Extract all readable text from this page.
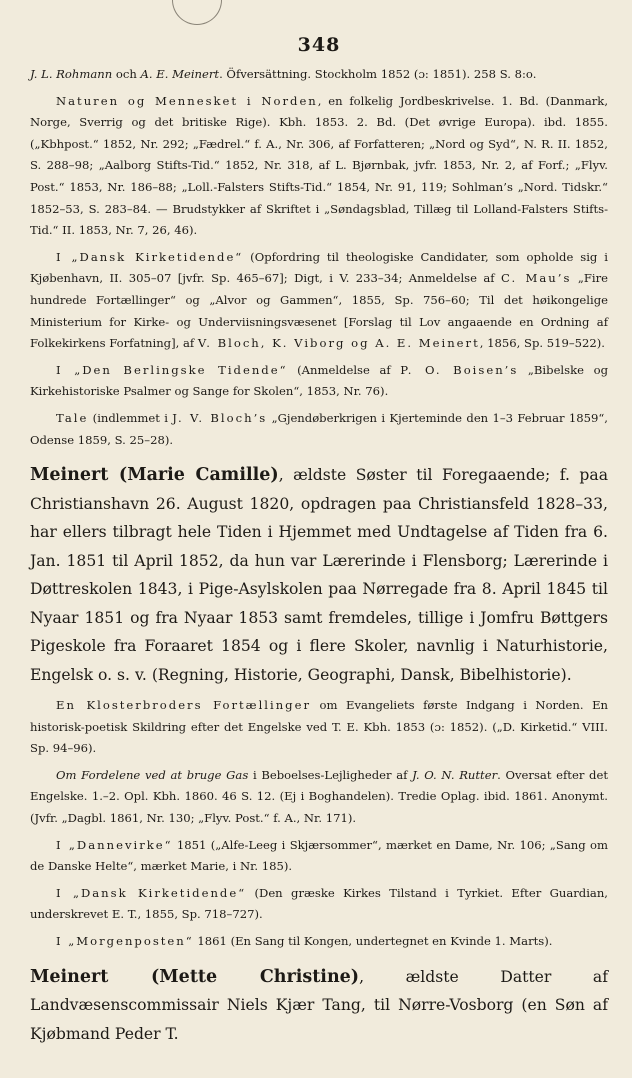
348

J. L. Rohmann och A. E. Meinert. Öfversättning. Stockholm 1852 (ɔ: 1851). 258 S. 8:o.

Naturen og Mennesket i Norden, en folkelig Jordbeskrivelse. 1. Bd. (Danmark, Norge, Sverrig og det britiske Rige). Kbh. 1853. 2. Bd. (Det øvrige Europa). ibd. 1855. („Kbhpost.“ 1852, Nr. 292; „Fædrel.“ f. A., Nr. 306, af Forfatteren; „Nord og Syd“, N. R. II. 1852, S. 288–98; „Aalborg Stifts-Tid.“ 1852, Nr. 318, af L. Bjørnbak, jvfr. 1853, Nr. 2, af Forf.; „Flyv. Post.“ 1853, Nr. 186–88; „Loll.-Falsters Stifts-Tid.“ 1854, Nr. 91, 119; Sohlman’s „Nord. Tidskr.“ 1852–53, S. 283–84. — Brudstykker af Skriftet i „Søndagsblad, Tillæg til Lolland-Falsters Stifts-Tid.“ II. 1853, Nr. 7, 26, 46).

I „Dansk Kirketidende“ (Opfordring til theologiske Candidater, som opholde sig i Kjøbenhavn, II. 305–07 [jvfr. Sp. 465–67]; Digt, i V. 233–34; Anmeldelse af C. Mau’s „Fire hundrede Fortællinger“ og „Alvor og Gammen“, 1855, Sp. 756–60; Til det høikongelige Ministerium for Kirke- og Underviisningsvæsenet [Forslag til Lov angaaende en Ordning af Folkekirkens Forfatning], af V. Bloch, K. Viborg og A. E. Meinert, 1856, Sp. 519–522).

I „Den Berlingske Tidende“ (Anmeldelse af P. O. Boisen’s „Bibelske og Kirkehistoriske Psalmer og Sange for Skolen“, 1853, Nr. 76).

Tale (indlemmet i J. V. Bloch’s „Gjendøberkrigen i Kjerteminde den 1–3 Februar 1859“, Odense 1859, S. 25–28).

Meinert (Marie Camille), ældste Søster til Foregaaende; f. paa Christianshavn 26. August 1820, opdragen paa Christiansfeld 1828–33, har ellers tilbragt hele Tiden i Hjemmet med Undtagelse af Tiden fra 6. Jan. 1851 til April 1852, da hun var Lærerinde i Flensborg; Lærerinde i Døttreskolen 1843, i Pige-Asylskolen paa Nørregade fra 8. April 1845 til Nyaar 1851 og fra Nyaar 1853 samt fremdeles, tillige i Jomfru Bøttgers Pigeskole fra Foraaret 1854 og i flere Skoler, navnlig i Naturhistorie, Engelsk o. s. v. (Regning, Historie, Geographi, Dansk, Bibelhistorie).

En Klosterbroders Fortællinger om Evangeliets første Indgang i Norden. En historisk-poetisk Skildring efter det Engelske ved T. E. Kbh. 1853 (ɔ: 1852). („D. Kirketid.“ VIII. Sp. 94–96).

Om Fordelene ved at bruge Gas i Beboelses-Lejligheder af J. O. N. Rutter. Oversat efter det Engelske. 1.–2. Opl. Kbh. 1860. 46 S. 12. (Ej i Boghandelen). Tredie Oplag. ibid. 1861. Anonymt. (Jvfr. „Dagbl. 1861, Nr. 130; „Flyv. Post.“ f. A., Nr. 171).

I „Dannevirke“ 1851 („Alfe-Leeg i Skjærsommer“, mærket en Dame, Nr. 106; „Sang om de Danske Helte“, mærket Marie, i Nr. 185).

I „Dansk Kirketidende“ (Den græske Kirkes Tilstand i Tyrkiet. Efter Guardian, underskrevet E. T., 1855, Sp. 718–727).

I „Morgenposten“ 1861 (En Sang til Kongen, undertegnet en Kvinde 1. Marts).

Meinert (Mette Christine), ældste Datter af Landvæsenscommissair Niels Kjær Tang, til Nørre-Vosborg (en Søn af Kjøbmand Peder T.
